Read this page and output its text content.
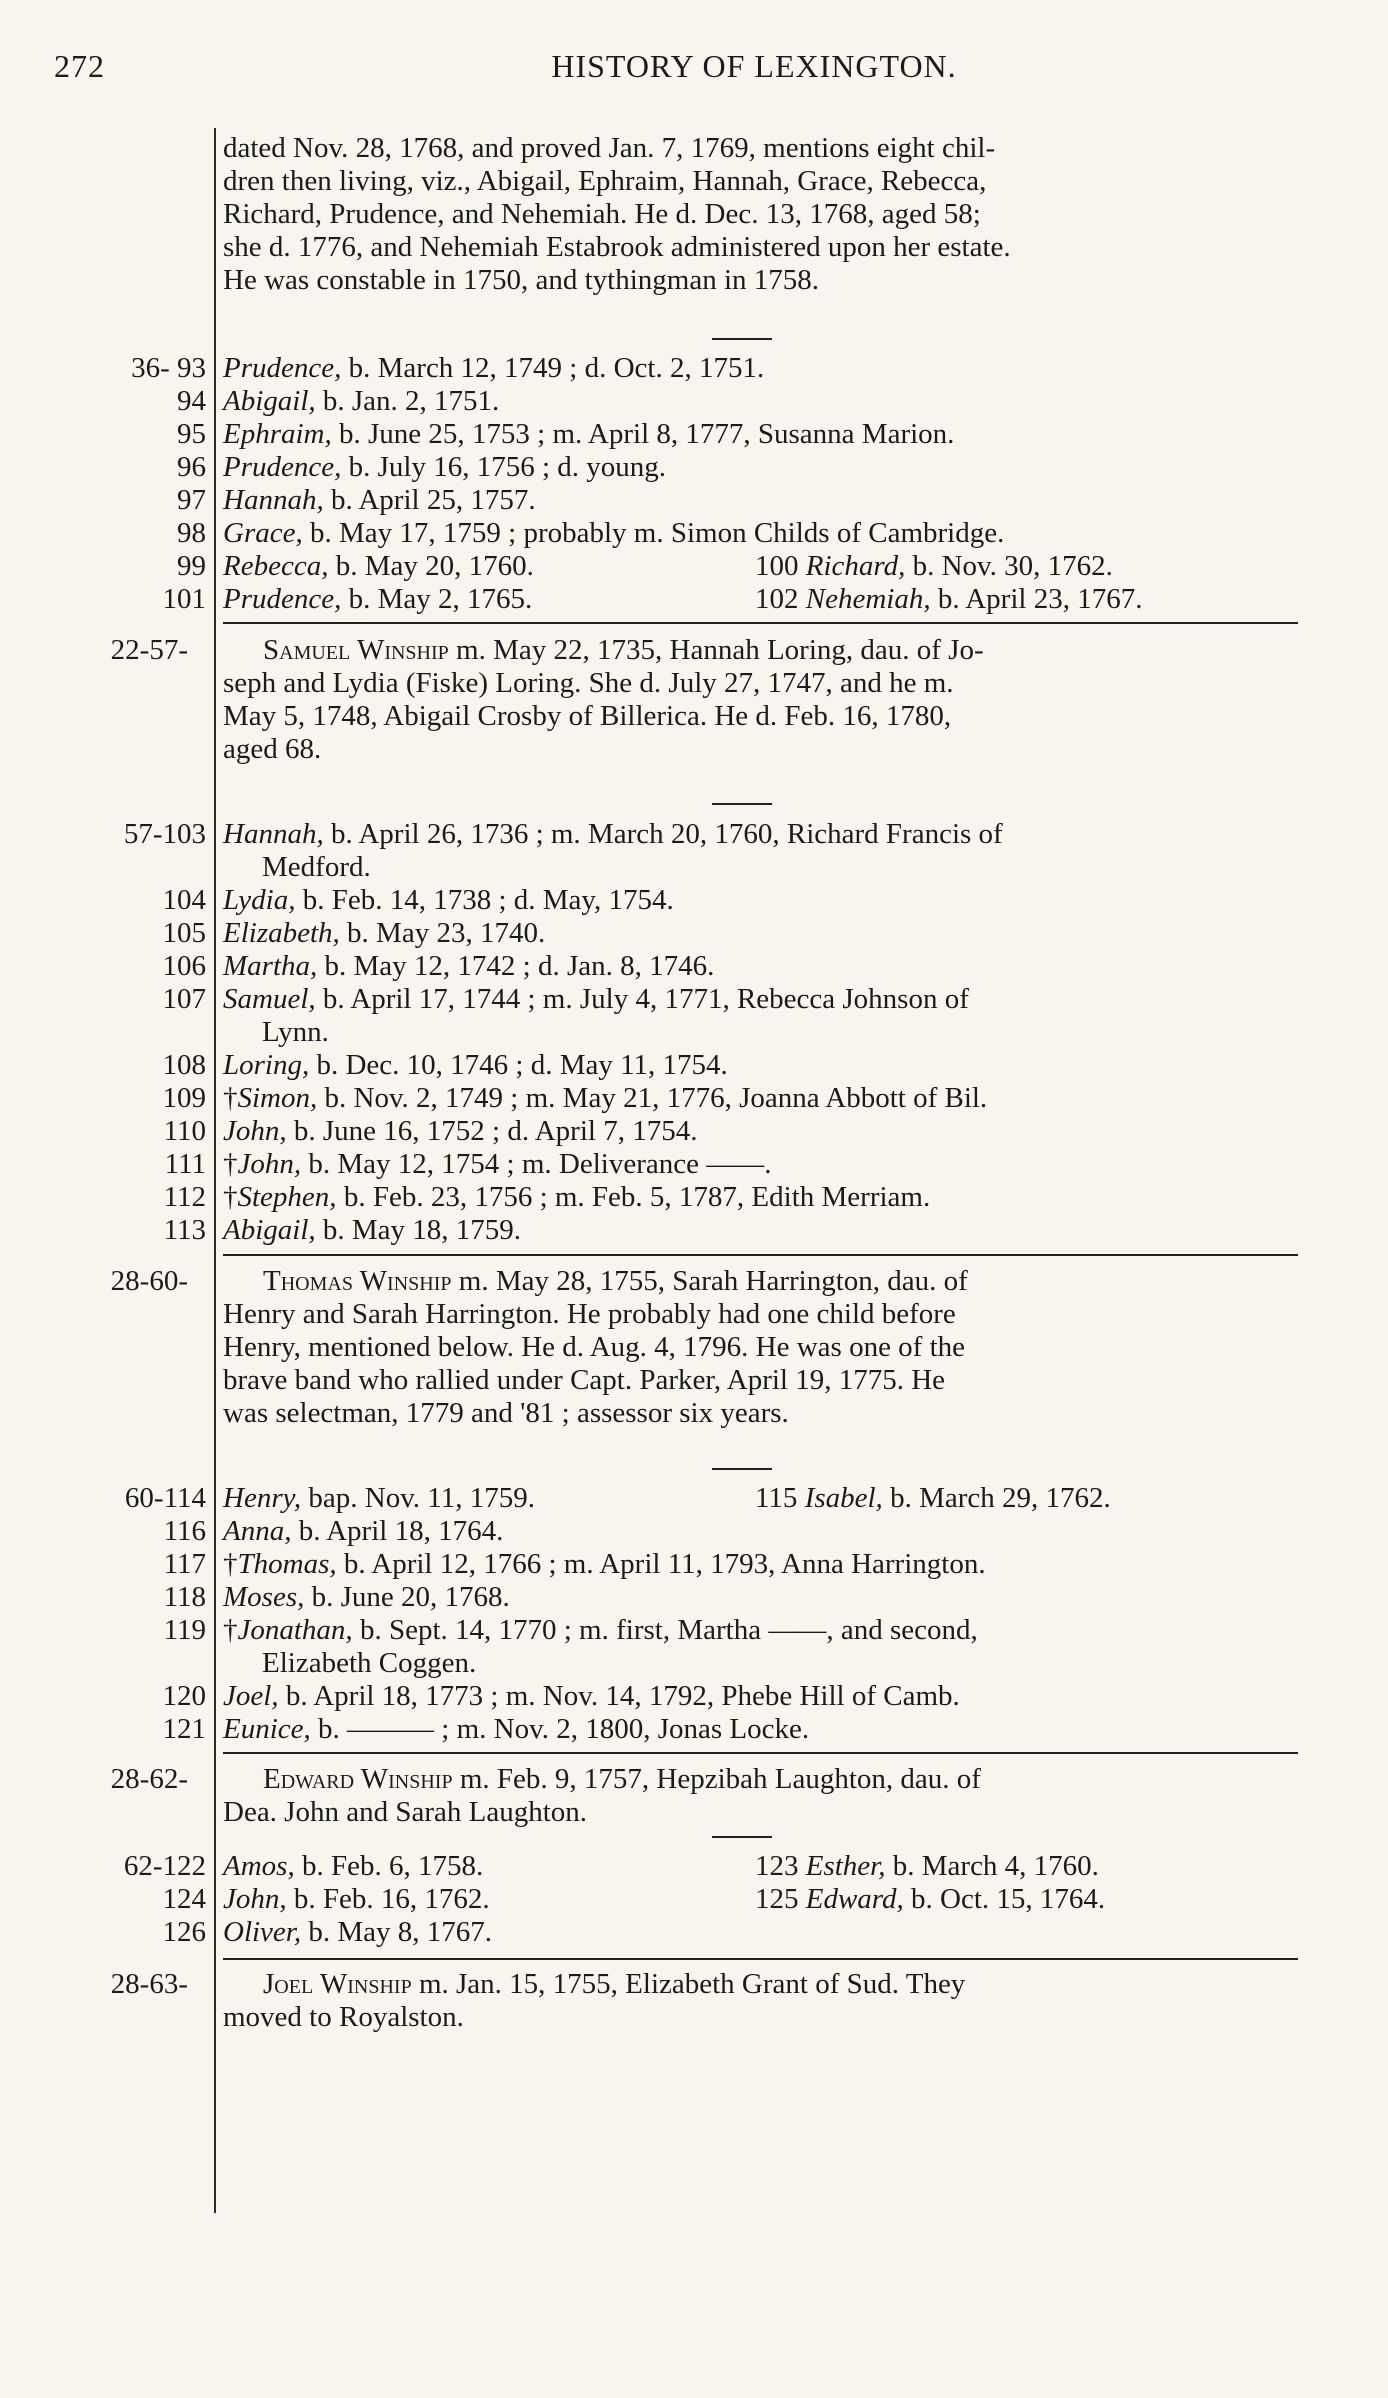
272	HISTORY OF LEXINGTON.
dated Nov. 28, 1768, and proved Jan. 7, 1769, mentions eight chil-
dren then living, viz., Abigail, Ephraim, Hannah, Grace, Rebecca,
Richard, Prudence, and Nehemiah. He d. Dec. 13, 1768, aged 58;
she d. 1776, and Nehemiah Estabrook administered upon her estate.
He was constable in 1750, and tythingman in 1758.
36- 93 Prudence, b. March 12, 1749 ; d. Oct. 2, 1751.
94 Abigail, b. Jan. 2, 1751.
95 Ephraim, b. June 25, 1753 ; m. April 8, 1777, Susanna Marion.
96 Prudence, b. July 16, 1756 ; d. young.
97 Hannah, b. April 25, 1757.
98 Grace, b. May 17, 1759 ; probably m. Simon Childs of Cambridge.
99 Rebecca, b. May 20, 1760.	100 Richard, b. Nov. 30, 1762.
101 Prudence, b. May 2, 1765.	102 Nehemiah, b. April 23, 1767.
22-57-	Samuel Winship m. May 22, 1735, Hannah Loring, dau. of Jo-
seph and Lydia (Fiske) Loring. She d. July 27, 1747, and he m.
May 5, 1748, Abigail Crosby of Billerica. He d. Feb. 16, 1780,
aged 68.
57-103 Hannah, b. April 26, 1736 ; m. March 20, 1760, Richard Francis of
Medford.
104 Lydia, b. Feb. 14, 1738 ; d. May, 1754.
105 Elizabeth, b. May 23, 1740.
106 Martha, b. May 12, 1742 ; d. Jan. 8, 1746.
107 Samuel, b. April 17, 1744 ; m. July 4, 1771, Rebecca Johnson of
Lynn.
108 Loring, b. Dec. 10, 1746 ; d. May 11, 1754.
109 †Simon, b. Nov. 2, 1749 ; m. May 21, 1776, Joanna Abbott of Bil.
110 John, b. June 16, 1752 ; d. April 7, 1754.
111 †John, b. May 12, 1754 ; m. Deliverance ——.
112 †Stephen, b. Feb. 23, 1756 ; m. Feb. 5, 1787, Edith Merriam.
113 Abigail, b. May 18, 1759.
28-60-	Thomas Winship m. May 28, 1755, Sarah Harrington, dau. of
Henry and Sarah Harrington. He probably had one child before
Henry, mentioned below. He d. Aug. 4, 1796. He was one of the
brave band who rallied under Capt. Parker, April 19, 1775. He
was selectman, 1779 and '81 ; assessor six years.
60-114 Henry, bap. Nov. 11, 1759.	115 Isabel, b. March 29, 1762.
116 Anna, b. April 18, 1764.
117 †Thomas, b. April 12, 1766 ; m. April 11, 1793, Anna Harrington.
118 Moses, b. June 20, 1768.
119 †Jonathan, b. Sept. 14, 1770 ; m. first, Martha ——, and second,
Elizabeth Coggen.
120 Joel, b. April 18, 1773 ; m. Nov. 14, 1792, Phebe Hill of Camb.
121 Eunice, b. ——— ; m. Nov. 2, 1800, Jonas Locke.
28-62-	Edward Winship m. Feb. 9, 1757, Hepzibah Laughton, dau. of
Dea. John and Sarah Laughton.
62-122 Amos, b. Feb. 6, 1758.	123 Esther, b. March 4, 1760.
124 John, b. Feb. 16, 1762.	125 Edward, b. Oct. 15, 1764.
126 Oliver, b. May 8, 1767.
28-63-	Joel Winship m. Jan. 15, 1755, Elizabeth Grant of Sud. They
moved to Royalston.
